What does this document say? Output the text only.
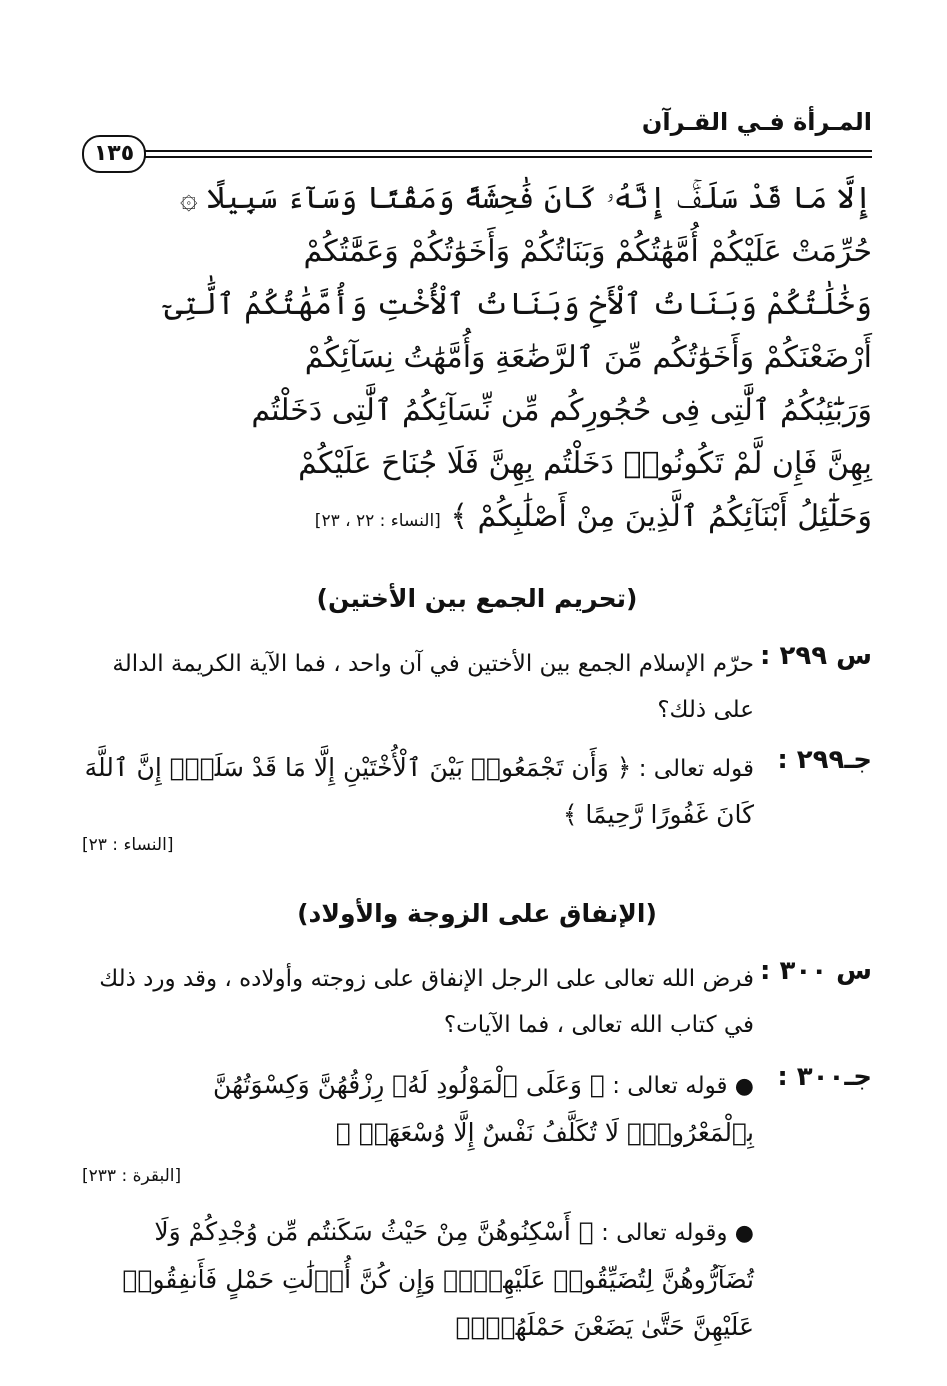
المـرأة فـي القـرآن
١٣٥
إِلَّا مَا قَدْ سَلَفَۚ إِنَّهُۥ كَانَ فَٰحِشَةً وَمَقْتًا وَسَآءَ سَبِيلًا ۞
حُرِّمَتْ عَلَيْكُمْ أُمَّهَٰتُكُمْ وَبَنَاتُكُمْ وَأَخَوَٰتُكُمْ وَعَمَّٰتُكُمْ
وَخَٰلَٰتُكُمْ وَبَنَاتُ ٱلْأَخِ وَبَنَاتُ ٱلْأُخْتِ وَأُمَّهَٰتُكُمُ ٱلَّٰتِىٓ
أَرْضَعْنَكُمْ وَأَخَوَٰتُكُم مِّنَ ٱلرَّضَٰعَةِ وَأُمَّهَٰتُ نِسَآئِكُمْ
وَرَبَٰٓئِبُكُمُ ٱلَّٰتِى فِى حُجُورِكُم مِّن نِّسَآئِكُمُ ٱلَّٰتِى دَخَلْتُم
بِهِنَّ فَإِن لَّمْ تَكُونُوا۟ دَخَلْتُم بِهِنَّ فَلَا جُنَاحَ عَلَيْكُمْ
وَحَلَٰٓئِلُ أَبْنَآئِكُمُ ٱلَّذِينَ مِنْ أَصْلَٰبِكُمْ ﴾ [النساء : ٢٢ ، ٢٣]
(تحريم الجمع بين الأختين)
س ٢٩٩ :
حرّم الإسلام الجمع بين الأختين في آن واحد ، فما الآية الكريمة الدالة على ذلك؟
جـ٢٩٩ :
قوله تعالى : ﴿ وَأَن تَجْمَعُوا۟ بَيْنَ ٱلْأُخْتَيْنِ إِلَّا مَا قَدْ سَلَفَۗ إِنَّ ٱللَّهَ كَانَ غَفُورًا رَّحِيمًا ﴾
[النساء : ٢٣]
(الإنفاق على الزوجة والأولاد)
س ٣٠٠ :
فرض الله تعالى على الرجل الإنفاق على زوجته وأولاده ، وقد ورد ذلك في كتاب الله تعالى ، فما الآيات؟
جـ٣٠٠ :
● قوله تعالى : ﴿ وَعَلَى ٱلْمَوْلُودِ لَهُۥ رِزْقُهُنَّ وَكِسْوَتُهُنَّ بِٱلْمَعْرُوفِۚ لَا تُكَلَّفُ نَفْسٌ إِلَّا وُسْعَهَاۚ ﴾
[البقرة : ٢٣٣]
● وقوله تعالى : ﴿ أَسْكِنُوهُنَّ مِنْ حَيْثُ سَكَنتُم مِّن وُجْدِكُمْ وَلَا تُضَآرُّوهُنَّ لِتُضَيِّقُوا۟ عَلَيْهِنَّۚ وَإِن كُنَّ أُو۟لَٰتِ حَمْلٍ فَأَنفِقُوا۟ عَلَيْهِنَّ حَتَّىٰ يَضَعْنَ حَمْلَهُنَّۚ
